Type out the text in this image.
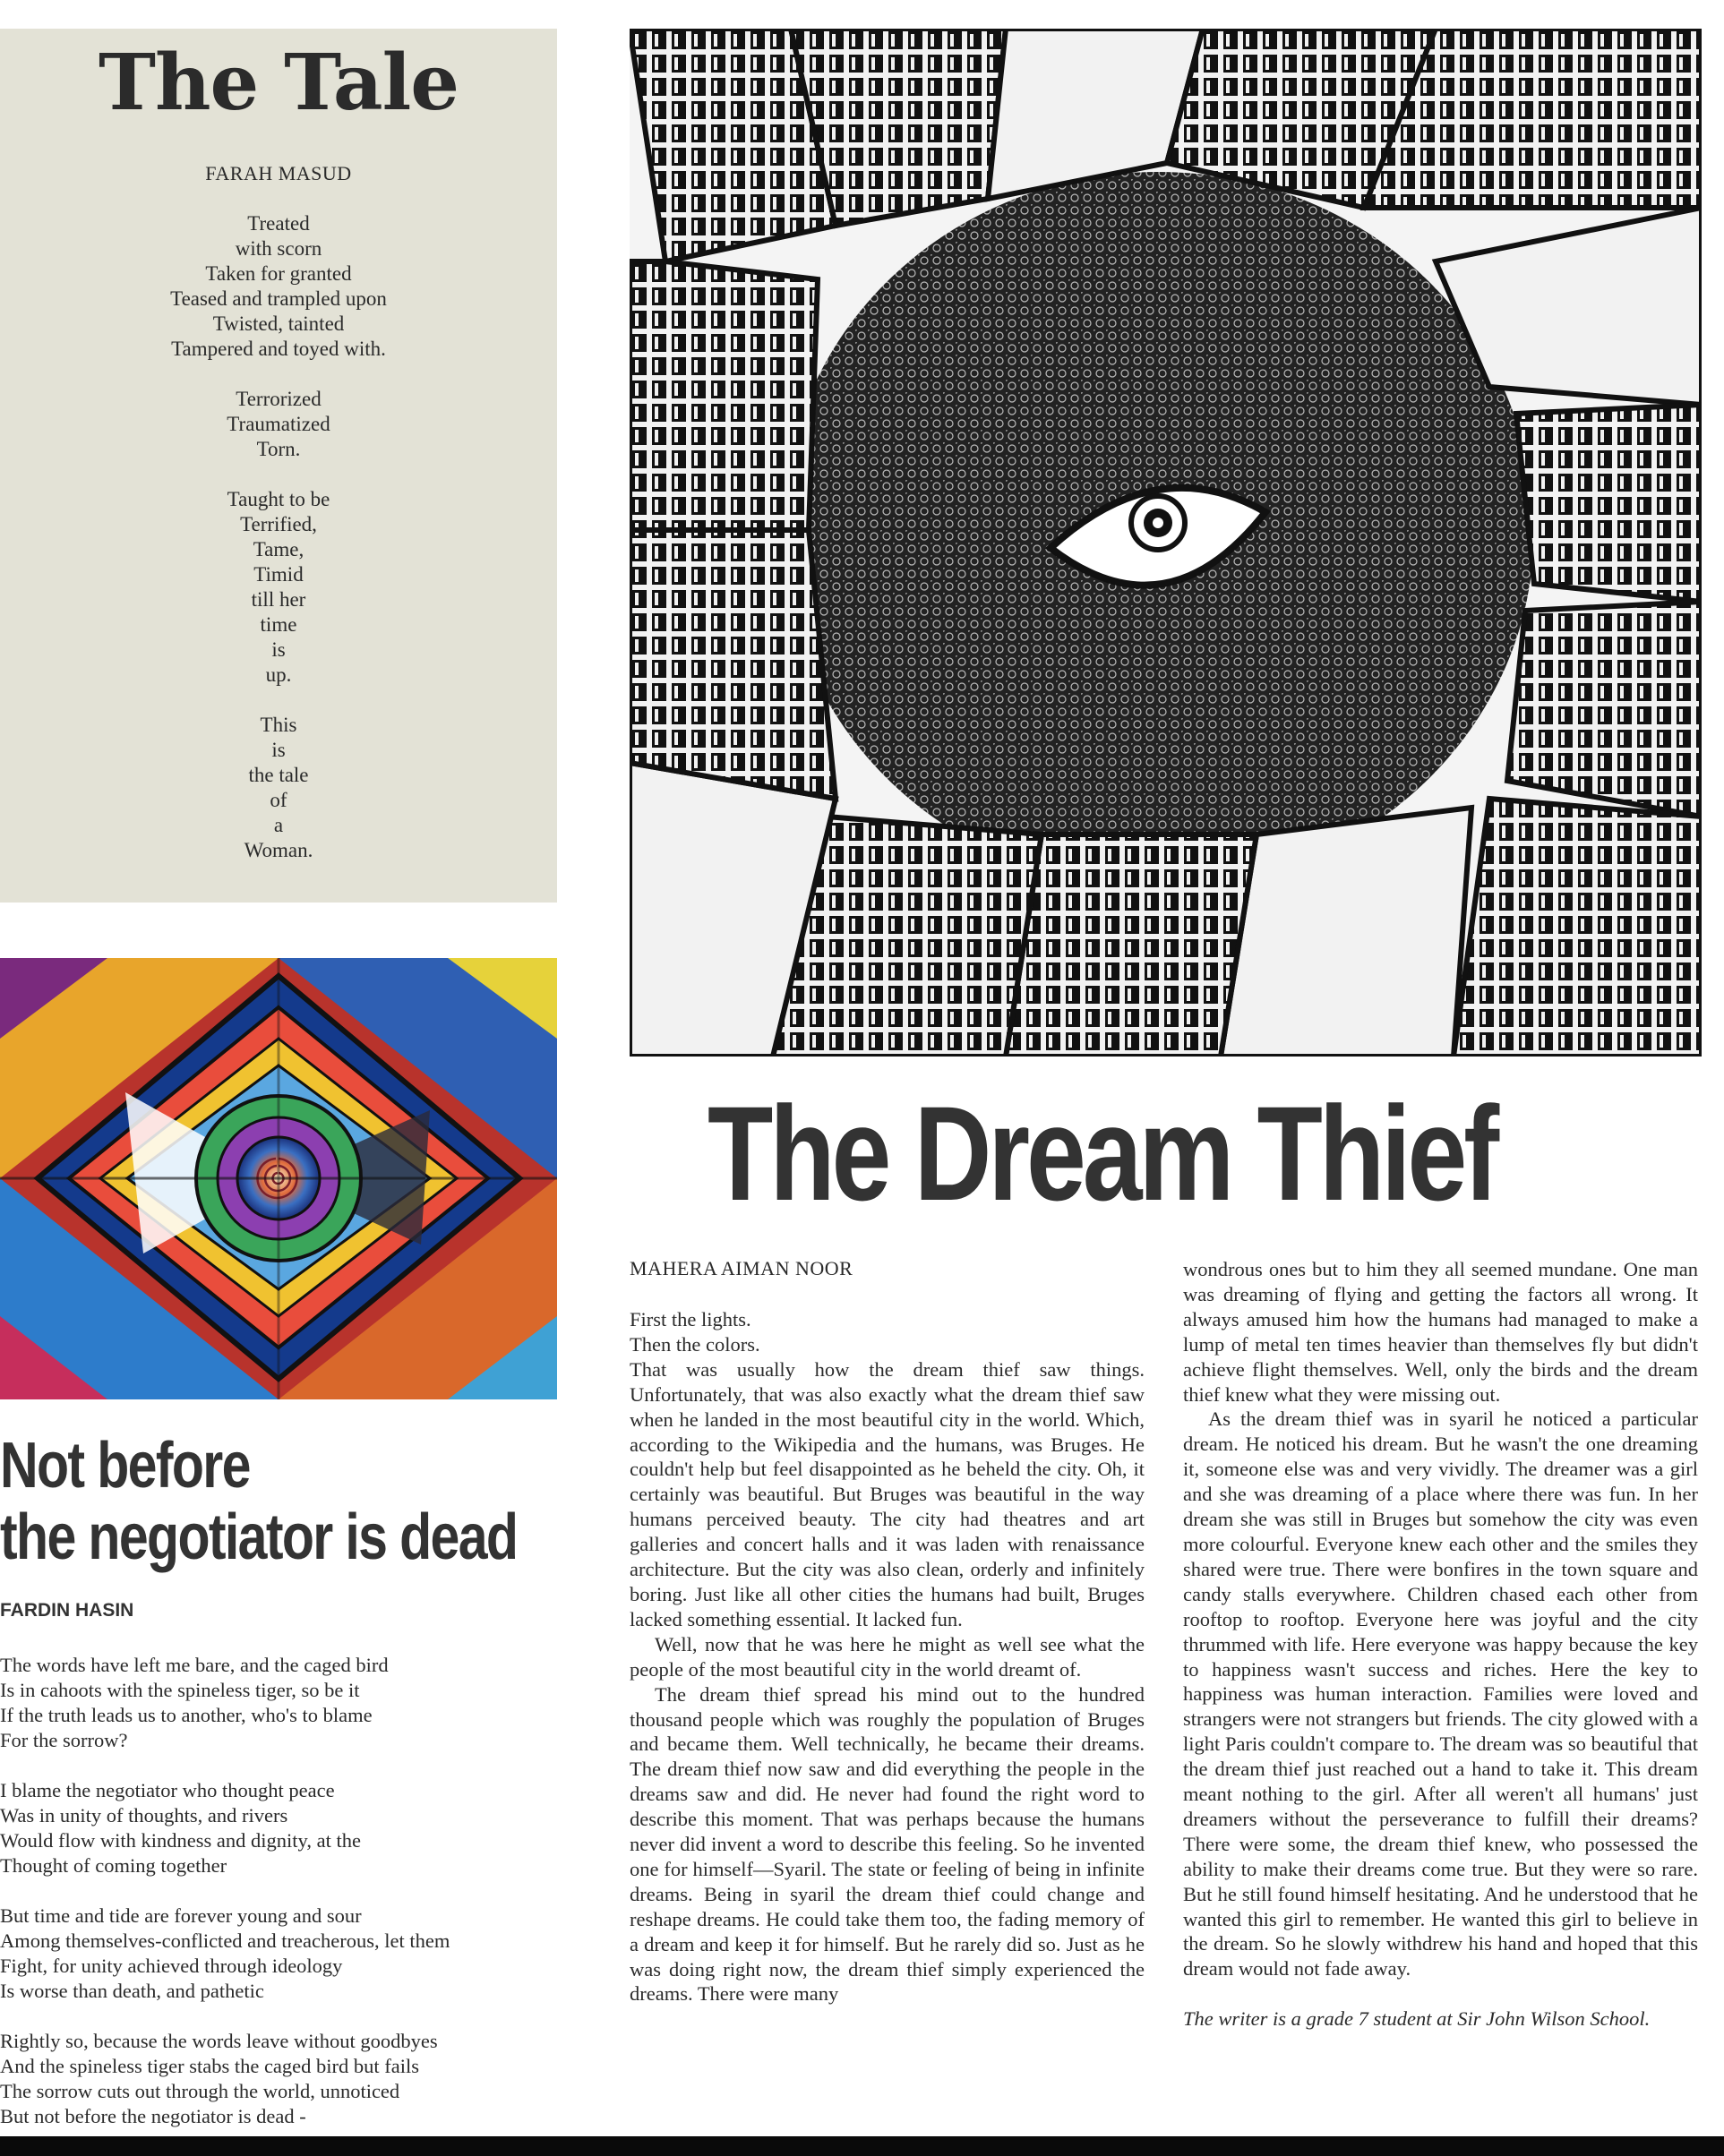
The Tale
FARAH MASUD
Treated
with scorn
Taken for granted
Teased and trampled upon
Twisted, tainted
Tampered and toyed with.
Terrorized
Traumatized
Torn.
Taught to be
Terrified,
Tame,
Timid
till her
time
is
up.
This
is
the tale
of
a
Woman.
Not before
the negotiator is dead
FARDIN HASIN
The words have left me bare, and the caged bird
Is in cahoots with the spineless tiger, so be it
If the truth leads us to another, who's to blame
For the sorrow?
I blame the negotiator who thought peace
Was in unity of thoughts, and rivers
Would flow with kindness and dignity, at the
Thought of coming together
But time and tide are forever young and sour
Among themselves-conflicted and treacherous, let them
Fight, for unity achieved through ideology
Is worse than death, and pathetic
Rightly so, because the words leave without goodbyes
And the spineless tiger stabs the caged bird but fails
The sorrow cuts out through the world, unnoticed
But not before the negotiator is dead -
The Dream Thief
MAHERA AIMAN NOOR

First the lights.

Then the colors.

That was usually how the dream thief saw things. Unfortunately, that was also exactly what the dream thief saw when he landed in the most beautiful city in the world. Which, according to the Wikipedia and the humans, was Bruges. He couldn't help but feel disappointed as he beheld the city. Oh, it certainly was beautiful. But Bruges was beautiful in the way humans perceived beauty. The city had theatres and art galleries and concert halls and it was laden with renaissance architecture. But the city was also clean, orderly and infinitely boring. Just like all other cities the humans had built, Bruges lacked something essential. It lacked fun.

Well, now that he was here he might as well see what the people of the most beautiful city in the world dreamt of.

The dream thief spread his mind out to the hundred thousand people which was roughly the population of Bruges and became them. Well technically, he became their dreams. The dream thief now saw and did everything the people in the dreams saw and did. He never had found the right word to describe this moment. That was perhaps because the humans never did invent a word to describe this feeling. So he invented one for himself—Syaril. The state or feeling of being in infinite dreams. Being in syaril the dream thief could change and reshape dreams. He could take them too, the fading memory of a dream and keep it for himself. But he rarely did so. Just as he was doing right now, the dream thief simply experienced the dreams. There were many

wondrous ones but to him they all seemed mundane. One man was dreaming of flying and getting the factors all wrong. It always amused him how the humans had managed to make a lump of metal ten times heavier than themselves fly but didn't achieve flight themselves. Well, only the birds and the dream thief knew what they were missing out.

As the dream thief was in syaril he noticed a particular dream. He noticed his dream. But he wasn't the one dreaming it, someone else was and very vividly. The dreamer was a girl and she was dreaming of a place where there was fun. In her dream she was still in Bruges but somehow the city was even more colourful. Everyone knew each other and the smiles they shared were true. There were bonfires in the town square and candy stalls everywhere. Children chased each other from rooftop to rooftop. Everyone here was joyful and the city thrummed with life. Here everyone was happy because the key to happiness wasn't success and riches. Here the key to happiness was human interaction. Families were loved and strangers were not strangers but friends. The city glowed with a light Paris couldn't compare to. The dream was so beautiful that the dream thief just reached out a hand to take it. This dream meant nothing to the girl. After all weren't all humans' just dreamers without the perseverance to fulfill their dreams? There were some, the dream thief knew, who possessed the ability to make their dreams come true. But they were so rare. But he still found himself hesitating. And he understood that he wanted this girl to remember. He wanted this girl to believe in the dream. So he slowly withdrew his hand and hoped that this dream would not fade away.

The writer is a grade 7 student at Sir John Wilson School.
